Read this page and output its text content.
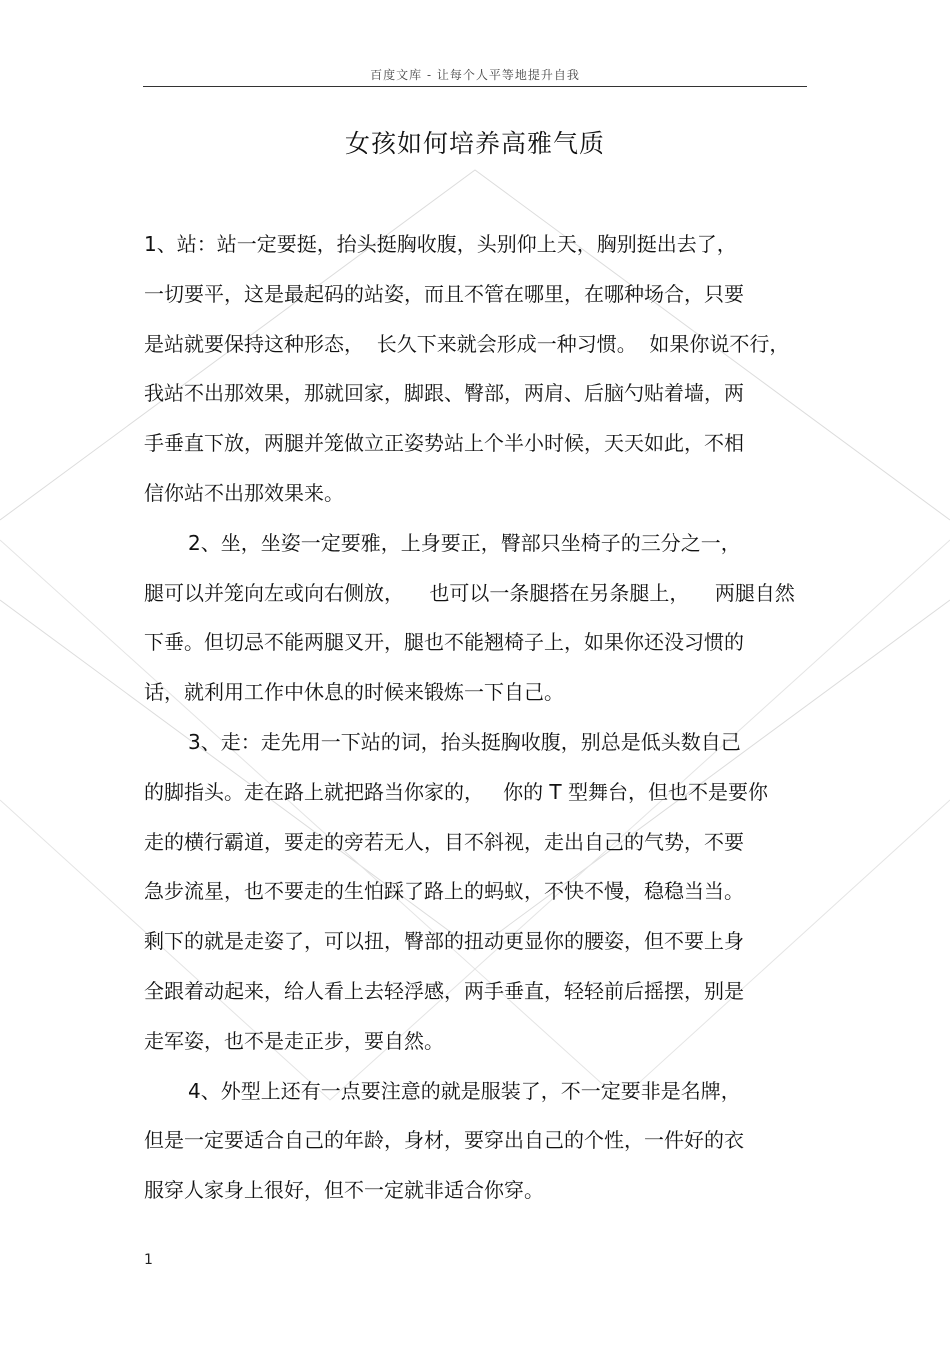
百度文库 - 让每个人平等地提升自我
女孩如何培养高雅气质
1、站：站一定要挺，抬头挺胸收腹，头别仰上天，胸别挺出去了，
一切要平，这是最起码的站姿，而且不管在哪里，在哪种场合，只要
是站就要保持这种形态，  长久下来就会形成一种习惯。  如果你说不行，
我站不出那效果，那就回家，脚跟、臀部，两肩、后脑勺贴着墙，两
手垂直下放，两腿并笼做立正姿势站上个半小时候，天天如此，不相
信你站不出那效果来。
2、坐，坐姿一定要雅，上身要正，臀部只坐椅子的三分之一，
腿可以并笼向左或向右侧放，    也可以一条腿搭在另条腿上，    两腿自然
下垂。但切忌不能两腿叉开，腿也不能翘椅子上，如果你还没习惯的
话，就利用工作中休息的时候来锻炼一下自己。
3、走：走先用一下站的词，抬头挺胸收腹，别总是低头数自己
的脚指头。走在路上就把路当你家的，   你的 T 型舞台，但也不是要你
走的横行霸道，要走的旁若无人，目不斜视，走出自己的气势，不要
急步流星，也不要走的生怕踩了路上的蚂蚁，不快不慢，稳稳当当。
剩下的就是走姿了，可以扭，臀部的扭动更显你的腰姿，但不要上身
全跟着动起来，给人看上去轻浮感，两手垂直，轻轻前后摇摆，别是
走军姿，也不是走正步，要自然。
4、外型上还有一点要注意的就是服装了，不一定要非是名牌，
但是一定要适合自己的年龄，身材，要穿出自己的个性，一件好的衣
服穿人家身上很好，但不一定就非适合你穿。
1
